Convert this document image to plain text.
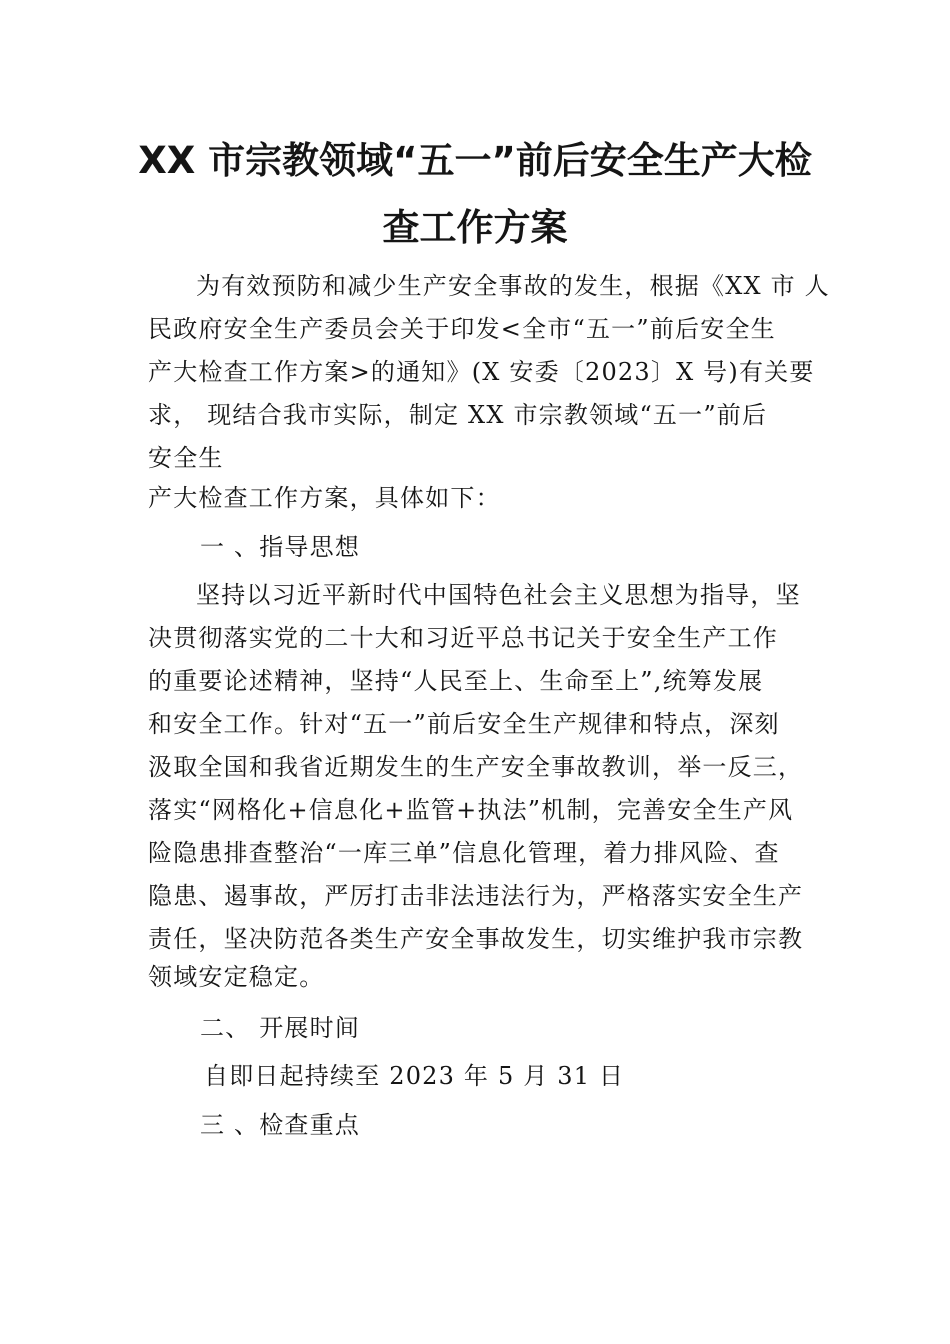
XX 市宗教领域“五一”前后安全生产大检
查工作方案
为有效预防和减少生产安全事故的发生，根据《XX 市 人
民政府安全生产委员会关于印发<全市“五一”前后安全生
产大检查工作方案>的通知》(X 安委〔2023〕X 号)有关要
求， 现结合我市实际，制定 XX 市宗教领域“五一”前后
安全生
产大检查工作方案，具体如下：
一 、指导思想
坚持以习近平新时代中国特色社会主义思想为指导，坚
决贯彻落实党的二十大和习近平总书记关于安全生产工作
的重要论述精神，坚持“人民至上、生命至上”,统筹发展
和安全工作。针对“五一”前后安全生产规律和特点，深刻
汲取全国和我省近期发生的生产安全事故教训，举一反三，
落实“网格化+信息化+监管+执法”机制，完善安全生产风
险隐患排查整治“一库三单”信息化管理，着力排风险、查
隐患、遏事故，严厉打击非法违法行为，严格落实安全生产
责任，坚决防范各类生产安全事故发生，切实维护我市宗教
领域安定稳定。
二、 开展时间
自即日起持续至 2023 年 5 月 31 日
三 、检查重点
